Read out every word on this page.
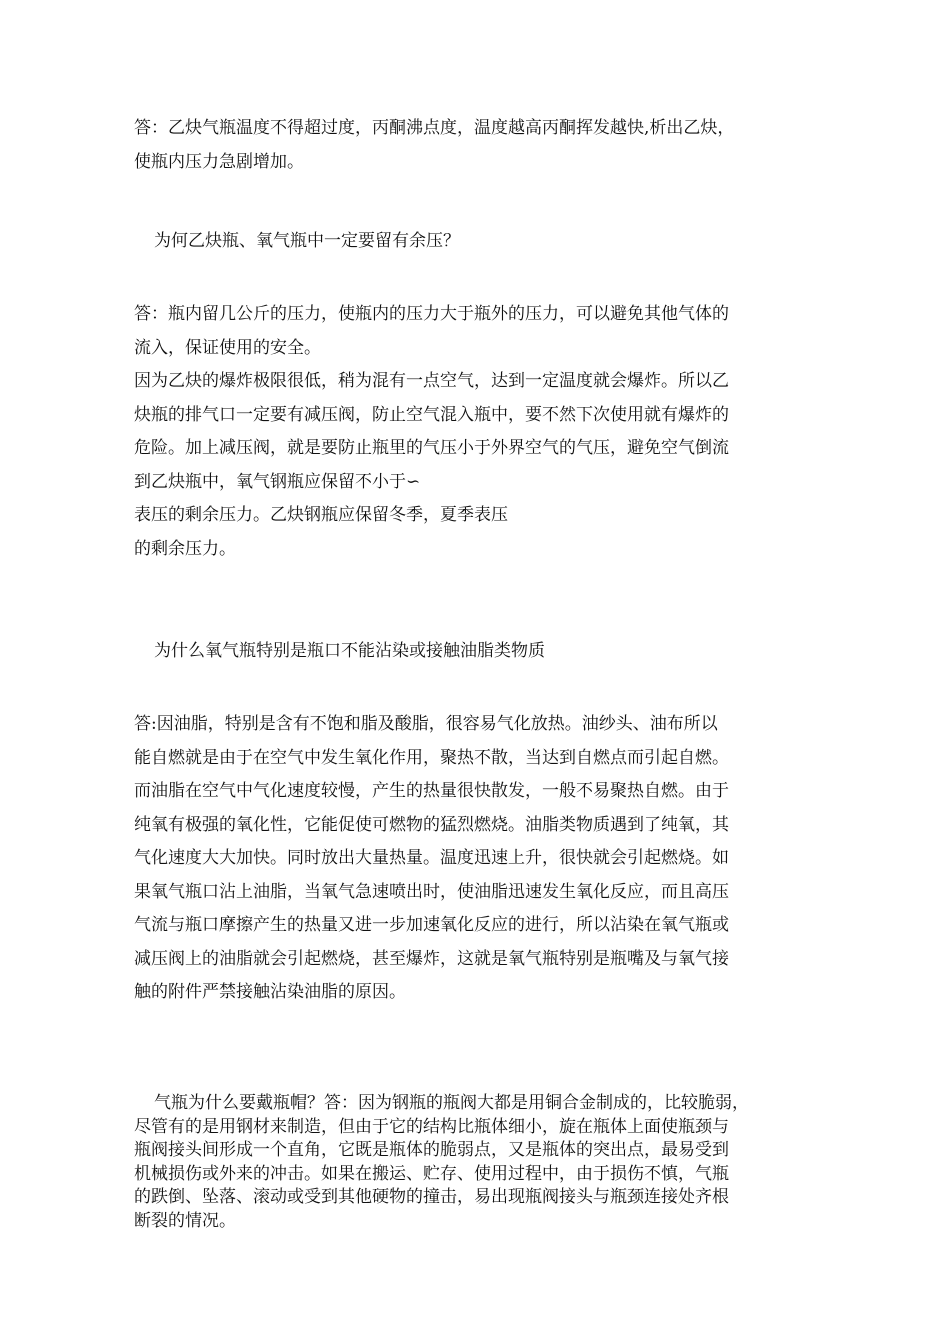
答：乙炔气瓶温度不得超过度，丙酮沸点度，温度越高丙酮挥发越快,析出乙炔，
使瓶内压力急剧增加。
为何乙炔瓶、氧气瓶中一定要留有余压？
答：瓶内留几公斤的压力，使瓶内的压力大于瓶外的压力，可以避免其他气体的
流入，保证使用的安全。
因为乙炔的爆炸极限很低，稍为混有一点空气，达到一定温度就会爆炸。所以乙
炔瓶的排气口一定要有减压阀，防止空气混入瓶中，要不然下次使用就有爆炸的
危险。加上减压阀，就是要防止瓶里的气压小于外界空气的气压，避免空气倒流
到乙炔瓶中，氧气钢瓶应保留不小于∽
表压的剩余压力。乙炔钢瓶应保留冬季，夏季表压
的剩余压力。
为什么氧气瓶特别是瓶口不能沾染或接触油脂类物质
答:因油脂，特别是含有不饱和脂及酸脂，很容易气化放热。油纱头、油布所以
能自燃就是由于在空气中发生氧化作用，聚热不散，当达到自燃点而引起自燃。
而油脂在空气中气化速度较慢，产生的热量很快散发，一般不易聚热自燃。由于
纯氧有极强的氧化性，它能促使可燃物的猛烈燃烧。油脂类物质遇到了纯氧，其
气化速度大大加快。同时放出大量热量。温度迅速上升，很快就会引起燃烧。如
果氧气瓶口沾上油脂，当氧气急速喷出时，使油脂迅速发生氧化反应，而且高压
气流与瓶口摩擦产生的热量又进一步加速氧化反应的进行，所以沾染在氧气瓶或
减压阀上的油脂就会引起燃烧，甚至爆炸，这就是氧气瓶特别是瓶嘴及与氧气接
触的附件严禁接触沾染油脂的原因。
气瓶为什么要戴瓶帽？答：因为钢瓶的瓶阀大都是用铜合金制成的，比较脆弱，
尽管有的是用钢材来制造，但由于它的结构比瓶体细小，旋在瓶体上面使瓶颈与
瓶阀接头间形成一个直角，它既是瓶体的脆弱点，又是瓶体的突出点，最易受到
机械损伤或外来的冲击。如果在搬运、贮存、使用过程中，由于损伤不慎，气瓶
的跌倒、坠落、滚动或受到其他硬物的撞击，易出现瓶阀接头与瓶颈连接处齐根
断裂的情况。
